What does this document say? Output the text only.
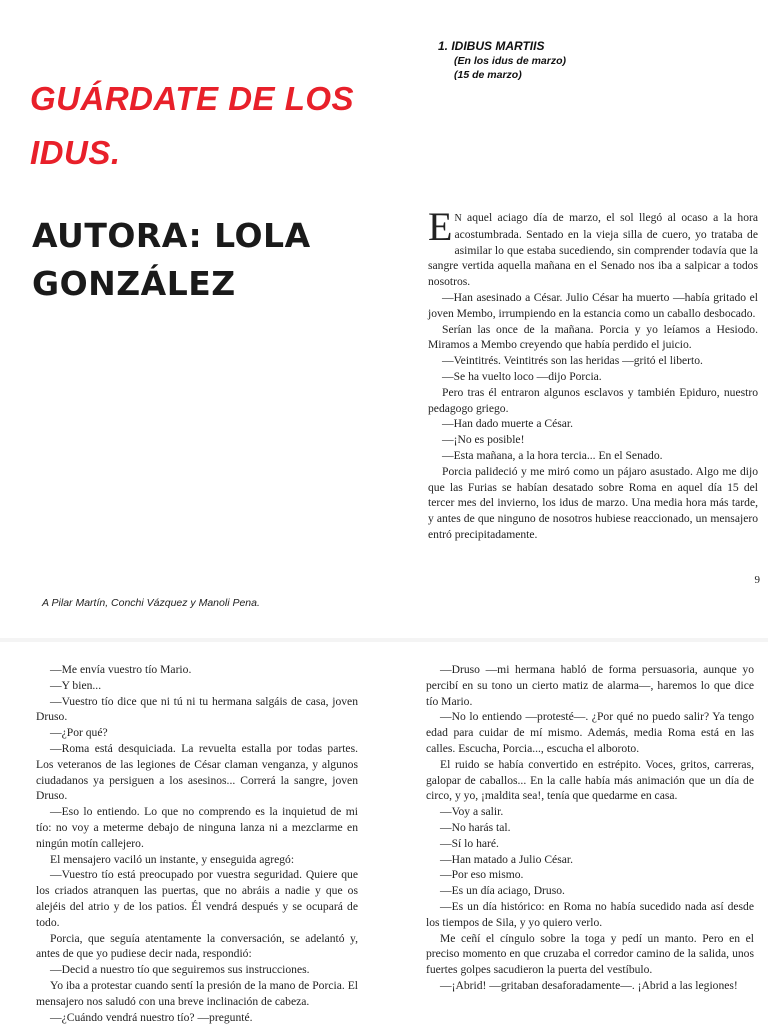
GUÁRDATE DE LOS IDUS.
AUTORA: LOLA GONZÁLEZ
A Pilar Martín, Conchi Vázquez y Manoli Pena.
1. IDIBUS MARTIIS
(En los idus de marzo)
(15 de marzo)

E N aquel aciago día de marzo, el sol llegó al ocaso a la hora acostumbrada. Sentado en la vieja silla de cuero, yo trataba de asimilar lo que estaba sucediendo, sin comprender todavía que la sangre vertida aquella mañana en el Senado nos iba a salpicar a todos nosotros.

—Han asesinado a César. Julio César ha muerto —había gritado el joven Membo, irrumpiendo en la estancia como un caballo desbocado.

Serían las once de la mañana. Porcia y yo leíamos a Hesiodo. Miramos a Membo creyendo que había perdido el juicio.

—Veintitrés. Veintitrés son las heridas —gritó el liberto.

—Se ha vuelto loco —dijo Porcia.

Pero tras él entraron algunos esclavos y también Epiduro, nuestro pedagogo griego.

—Han dado muerte a César.

—¡No es posible!

—Esta mañana, a la hora tercia... En el Senado.

Porcia palideció y me miró como un pájaro asustado. Algo me dijo que las Furias se habían desatado sobre Roma en aquel día 15 del tercer mes del invierno, los idus de marzo. Una media hora más tarde, y antes de que ninguno de nosotros hubiese reaccionado, un mensajero entró precipitadamente.

9

—Me envía vuestro tío Mario.

—Y bien...

—Vuestro tío dice que ni tú ni tu hermana salgáis de casa, joven Druso.

—¿Por qué?

—Roma está desquiciada. La revuelta estalla por todas partes. Los veteranos de las legiones de César claman venganza, y algunos ciudadanos ya persiguen a los asesinos... Correrá la sangre, joven Druso.

—Eso lo entiendo. Lo que no comprendo es la inquietud de mi tío: no voy a meterme debajo de ninguna lanza ni a mezclarme en ningún motín callejero.

El mensajero vaciló un instante, y enseguida agregó:

—Vuestro tío está preocupado por vuestra seguridad. Quiere que los criados atranquen las puertas, que no abráis a nadie y que os alejéis del atrio y de los patios. Él vendrá después y se ocupará de todo.

Porcia, que seguía atentamente la conversación, se adelantó y, antes de que yo pudiese decir nada, respondió:

—Decid a nuestro tío que seguiremos sus instrucciones.

Yo iba a protestar cuando sentí la presión de la mano de Porcia. El mensajero nos saludó con una breve inclinación de cabeza.

—¿Cuándo vendrá nuestro tío? —pregunté.

—Druso —mi hermana habló de forma persuasoria, aunque yo percibí en su tono un cierto matiz de alarma—, haremos lo que dice tío Mario.

—No lo entiendo —protesté—. ¿Por qué no puedo salir? Ya tengo edad para cuidar de mí mismo. Además, media Roma está en las calles. Escucha, Porcia..., escucha el alboroto.

El ruido se había convertido en estrépito. Voces, gritos, carreras, galopar de caballos... En la calle había más animación que un día de circo, y yo, ¡maldita sea!, tenía que quedarme en casa.

—Voy a salir.

—No harás tal.

—Sí lo haré.

—Han matado a Julio César.

—Por eso mismo.

—Es un día aciago, Druso.

—Es un día histórico: en Roma no había sucedido nada así desde los tiempos de Sila, y yo quiero verlo.

Me ceñí el cíngulo sobre la toga y pedí un manto. Pero en el preciso momento en que cruzaba el corredor camino de la salida, unos fuertes golpes sacudieron la puerta del vestíbulo.

—¡Abrid! —gritaban desaforadamente—. ¡Abrid a las legiones!
